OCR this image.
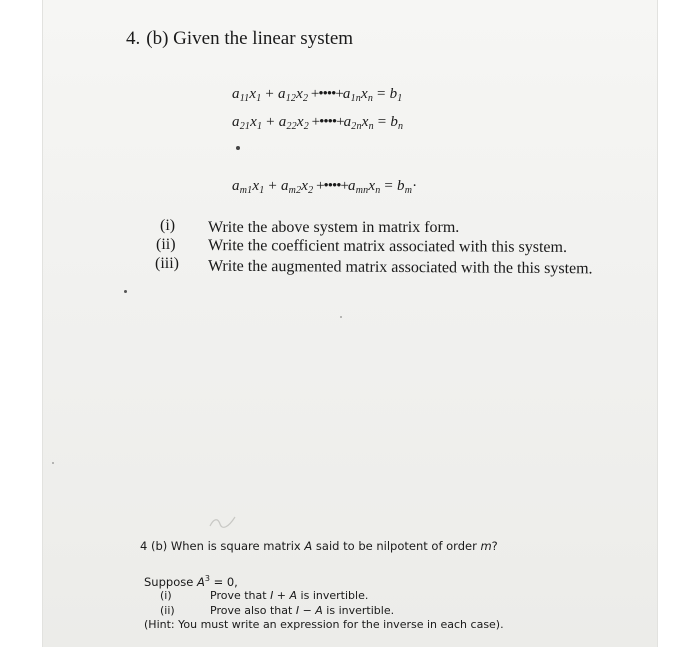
4. (b) Given the linear system
$a_{11}x_1 + a_{12}x_2$ $+••••+a_{1n}x_n = b_1$
$a_{21}x_1 + a_{22}x_2$ $+••••+a_{2n}x_n = b_n$
$a_{m1}x_1 + a_{m2}x_2$ $+••••+a_{mn}x_n = b_m\cdot$
(i) Write the above system in matrix form.
(ii) Write the coefficient matrix associated with this system.
(iii) Write the augmented matrix associated with the this system.
4 (b) When is square matrix A said to be nilpotent of order m?
Suppose $A^3 = 0$,
(i)	Prove that I + A is invertible.
(ii)	Prove also that I − A is invertible.
(Hint: You must write an expression for the inverse in each case).
